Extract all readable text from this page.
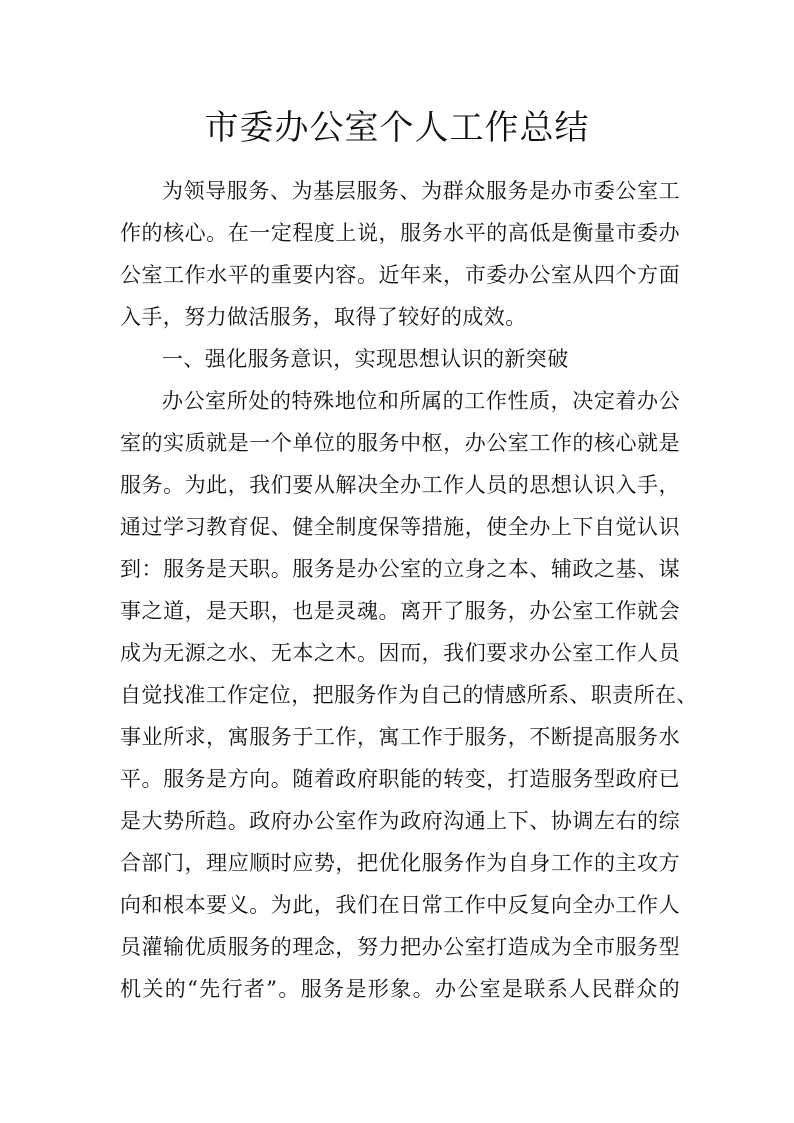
市委办公室个人工作总结
为领导服务、为基层服务、为群众服务是办市委公室工
作的核心。在一定程度上说，服务水平的高低是衡量市委办
公室工作水平的重要内容。近年来，市委办公室从四个方面
入手，努力做活服务，取得了较好的成效。
一、强化服务意识，实现思想认识的新突破
办公室所处的特殊地位和所属的工作性质，决定着办公
室的实质就是一个单位的服务中枢，办公室工作的核心就是
服务。为此，我们要从解决全办工作人员的思想认识入手，
通过学习教育促、健全制度保等措施，使全办上下自觉认识
到：服务是天职。服务是办公室的立身之本、辅政之基、谋
事之道，是天职，也是灵魂。离开了服务，办公室工作就会
成为无源之水、无本之木。因而，我们要求办公室工作人员
自觉找准工作定位，把服务作为自己的情感所系、职责所在、
事业所求，寓服务于工作，寓工作于服务，不断提高服务水
平。服务是方向。随着政府职能的转变，打造服务型政府已
是大势所趋。政府办公室作为政府沟通上下、协调左右的综
合部门，理应顺时应势，把优化服务作为自身工作的主攻方
向和根本要义。为此，我们在日常工作中反复向全办工作人
员灌输优质服务的理念，努力把办公室打造成为全市服务型
机关的“先行者”。服务是形象。办公室是联系人民群众的
